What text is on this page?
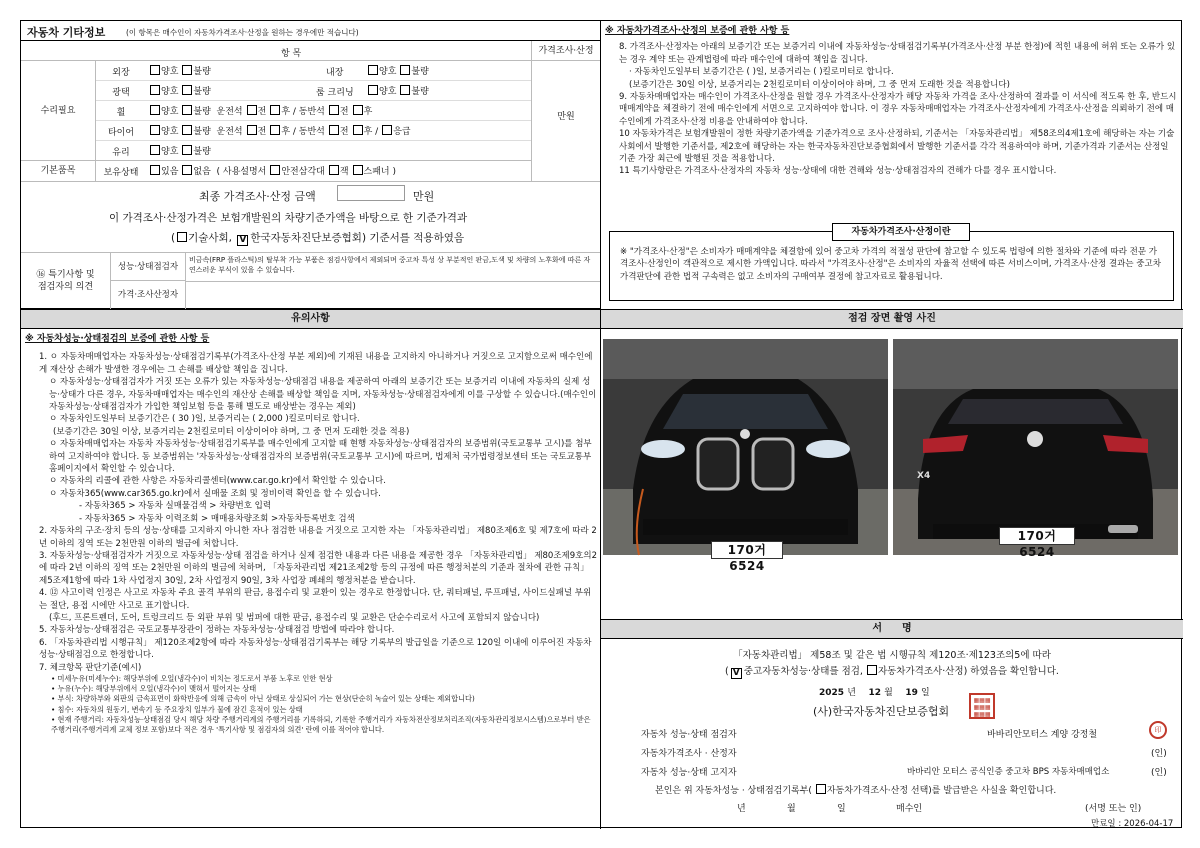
자동차 기타정보	(이 항목은 매수인이 자동차가격조사·산정을 원하는 경우에만 적습니다)
항 목	가격조사·산정
수리필요
기본품목
만원
외장	양호 불량	내장	양호 불량
광택	양호 불량	룸 크리닝	양호 불량
휠	양호 불량 운전석 전 후 / 동반석 전 후
타이어	양호 불량 운전석 전 후 / 동반석 전 후 / 응급
유리	양호 불량
보유상태	있음 없음 ( 사용설명서 안전삼각대 잭 스패너 )
최종 가격조사·산정 금액	만원
이 가격조사·산정가격은 보험개발원의 차량기준가액을 바탕으로 한 기준가격과
( 기술사회, V 한국자동차진단보증협회) 기준서를 적용하였음
⑯ 특기사항 및
점검자의 의견
성능·상태점검자
비금속(FRP 플라스틱)의 탈부착 가능 부품은 점검사항에서 제외되며 중고차 특성 상 부분적인 판금,도색 및 차량의 노후화에 따른 자연스러운 부식이 있을 수 있습니다.
가격·조사산정자
유의사항
※ 자동차성능·상태점검의 보증에 관한 사항 등

1. ㅇ 자동차매매업자는 자동차성능·상태점검기록부(가격조사·산정 부분 제외)에 기재된 내용을 고지하지 아니하거나 거짓으로 고지함으로써 매수인에게 재산상 손해가 발생한 경우에는 그 손해를 배상할 책임을 집니다.

ㅇ 자동차성능·상태점검자가 거짓 또는 오류가 있는 자동차성능·상태점검 내용을 제공하여 아래의 보증기간 또는 보증거리 이내에 자동차의 실제 성능·상태가 다른 경우, 자동차매매업자는 매수인의 재산상 손해를 배상할 책임을 지며, 자동차성능·상태점검자에게 이를 구상할 수 있습니다.(매수인이 자동차성능·상태점검자가 가입한 책임보험 등을 통해 별도로 배상받는 경우는 제외)

ㅇ 자동차인도일부터 보증기간은 ( 30 )일, 보증거리는 ( 2,000 )킬로미터로 합니다.

(보증기간은 30일 이상, 보증거리는 2천킬로미터 이상이어야 하며, 그 중 먼저 도래한 것을 적용)

ㅇ 자동차매매업자는 자동차 자동차성능·상태점검기록부를 매수인에게 고지할 때 현행 자동차성능·상태점검자의 보증범위(국토교통부 고시)를 첨부하여 고지하여야 합니다. 동 보증범위는 '자동차성능·상태점검자의 보증범위(국토교통부 고시)에 따르며, 법제처 국가법령정보센터 또는 국토교통부 홈페이지에서 확인할 수 있습니다.

ㅇ 자동차의 리콜에 관한 사항은 자동차리콜센터(www.car.go.kr)에서 확인할 수 있습니다.

ㅇ 자동차365(www.car365.go.kr)에서 실매물 조회 및 정비이력 확인을 할 수 있습니다.

- 자동차365 > 자동차 실매물검색 > 차량번호 입력

- 자동차365 > 자동차 이력조회 > 매매용차량조회 >자동차등록번호 검색

2. 자동차의 구조·장치 등의 성능·상태를 고지하지 아니한 자나 점검한 내용을 거짓으로 고지한 자는 「자동차관리법」 제80조제6호 및 제7호에 따라 2년 이하의 징역 또는 2천만원 이하의 벌금에 처합니다.

3. 자동차성능·상태점검자가 거짓으로 자동차성능·상태 점검을 하거나 실제 점검한 내용과 다른 내용을 제공한 경우 「자동차관리법」 제80조제9호의2에 따라 2년 이하의 징역 또는 2천만원 이하의 벌금에 처하며, 「자동차관리법 제21조제2항 등의 규정에 따른 행정처분의 기준과 절차에 관한 규칙」 제5조제1항에 따라 1차 사업정지 30일, 2차 사업정지 90일, 3차 사업장 폐쇄의 행정처분을 받습니다.

4. ⑫ 사고이력 인정은 사고로 자동차 주요 골격 부위의 판금, 용접수리 및 교환이 있는 경우로 한정합니다. 단, 쿼터패널, 루프패널, 사이드실패널 부위는 절단, 용접 시에만 사고로 표기합니다.

(후드, 프론트펜더, 도어, 트렁크리드 등 외판 부위 및 범퍼에 대한 판금, 용접수리 및 교환은 단순수리로서 사고에 포함되지 않습니다)

5. 자동차성능·상태점검은 국토교통부장관이 정하는 자동차성능·상태점검 방법에 따라야 합니다.

6. 「자동차관리법 시행규칙」 제120조제2항에 따라 자동차성능·상태점검기록부는 해당 기록부의 발급일을 기준으로 120일 이내에 이루어진 자동차 성능·상태점검으로 한정합니다.

7. 체크항목 판단기준(예시)

• 미세누유(미세누수): 해당부위에 오일(냉각수)이 비치는 정도로서 부품 노후로 인한 현상

• 누유(누수): 해당부위에서 오일(냉각수)이 맺혀서 떨어지는 상태

• 부식: 차량하부와 외판의 금속표면이 화학반응에 의해 금속이 아닌 상태로 상실되어 가는 현상(단순히 녹슬어 있는 상태는 제외합니다)

• 침수: 자동차의 원동기, 변속기 등 주요장치 일부가 물에 잠긴 흔적이 있는 상태

• 현재 주행거리: 자동차성능·상태점검 당시 해당 차량 주행거리계의 주행거리를 기록하되, 기록한 주행거리가 자동차전산정보처리조직(자동차관리정보시스템)으로부터 받은 주행거리(주행거리계 교체 정보 포함)보다 적은 경우 '특기사항 및 점검자의 의견' 란에 이를 적어야 합니다.

※ 자동차가격조사·산정의 보증에 관한 사항 등

8. 가격조사·산정자는 아래의 보증기간 또는 보증거리 이내에 자동차성능·상태점검기록부(가격조사·산정 부분 한정)에 적힌 내용에 허위 또는 오류가 있는 경우 계약 또는 관계법령에 따라 매수인에 대하여 책임을 집니다.

· 자동차인도일부터 보증기간은 ( )일, 보증거리는 ( )킬로미터로 합니다.

(보증기간은 30일 이상, 보증거리는 2천킬로미터 이상이어야 하며, 그 중 먼저 도래한 것을 적용합니다)

9. 자동차매매업자는 매수인이 가격조사·산정을 원할 경우 가격조사·산정자가 해당 자동차 가격을 조사·산정하여 결과를 이 서식에 적도록 한 후, 반드시 매매계약을 체결하기 전에 매수인에게 서면으로 고지하여야 합니다. 이 경우 자동차매매업자는 가격조사·산정자에게 가격조사·산정을 의뢰하기 전에 매수인에게 가격조사·산정 비용을 안내하여야 합니다.

10 자동차가격은 보험개발원이 정한 차량기준가액을 기준가격으로 조사·산정하되, 기준서는 「자동차관리법」 제58조의4제1호에 해당하는 자는 기술사회에서 발행한 기준서를, 제2호에 해당하는 자는 한국자동차진단보증협회에서 발행한 기준서를 각각 적용하여야 하며, 기준가격과 기준서는 산정일 기준 가장 최근에 발행된 것을 적용합니다.

11 특기사항란은 가격조사·산정자의 자동차 성능·상태에 대한 견해와 성능·상태점검자의 견해가 다를 경우 표시합니다.

자동차가격조사·산정이란
※ "가격조사·산정"은 소비자가 매매계약을 체결함에 있어 중고차 가격의 적절성 판단에 참고할 수 있도록 법령에 의한 절차와 기준에 따라 전문 가격조사·산정인이 객관적으로 제시한 가액입니다. 따라서 "가격조사·산정"은 소비자의 자율적 선택에 따른 서비스이며, 가격조사·산정 결과는 중고차 가격판단에 관한 법적 구속력은 없고 소비자의 구매여부 결정에 참고자료로 활용됩니다.
점검 장면 촬영 사진
170거 6524
X4
170거 6524
서　　명
「자동차관리법」 제58조 및 같은 법 시행규칙 제120조·제123조의5에 따라
( V 중고자동차성능·상태를 점검, 자동차가격조사·산정) 하였음을 확인합니다.
2025 년 12 월 19 일
(사)한국자동차진단보증협회
▦▦▦
▦▦▦
▦▦▦
자동차 성능·상태 점검자	바바리안모터스 계양 강정철	印
자동차가격조사 · 산정자	(인)
자동차 성능·상태 고지자	바바리안 모터스 공식인증 중고차 BPS 자동차매매업소	(인)
본인은 위 자동차성능 · 상태점검기록부( 자동차가격조사·산정 선택)를 발급받은 사실을 확인합니다.
년	월	일	매수인	(서명 또는 인)
만료일 : 2026-04-17
